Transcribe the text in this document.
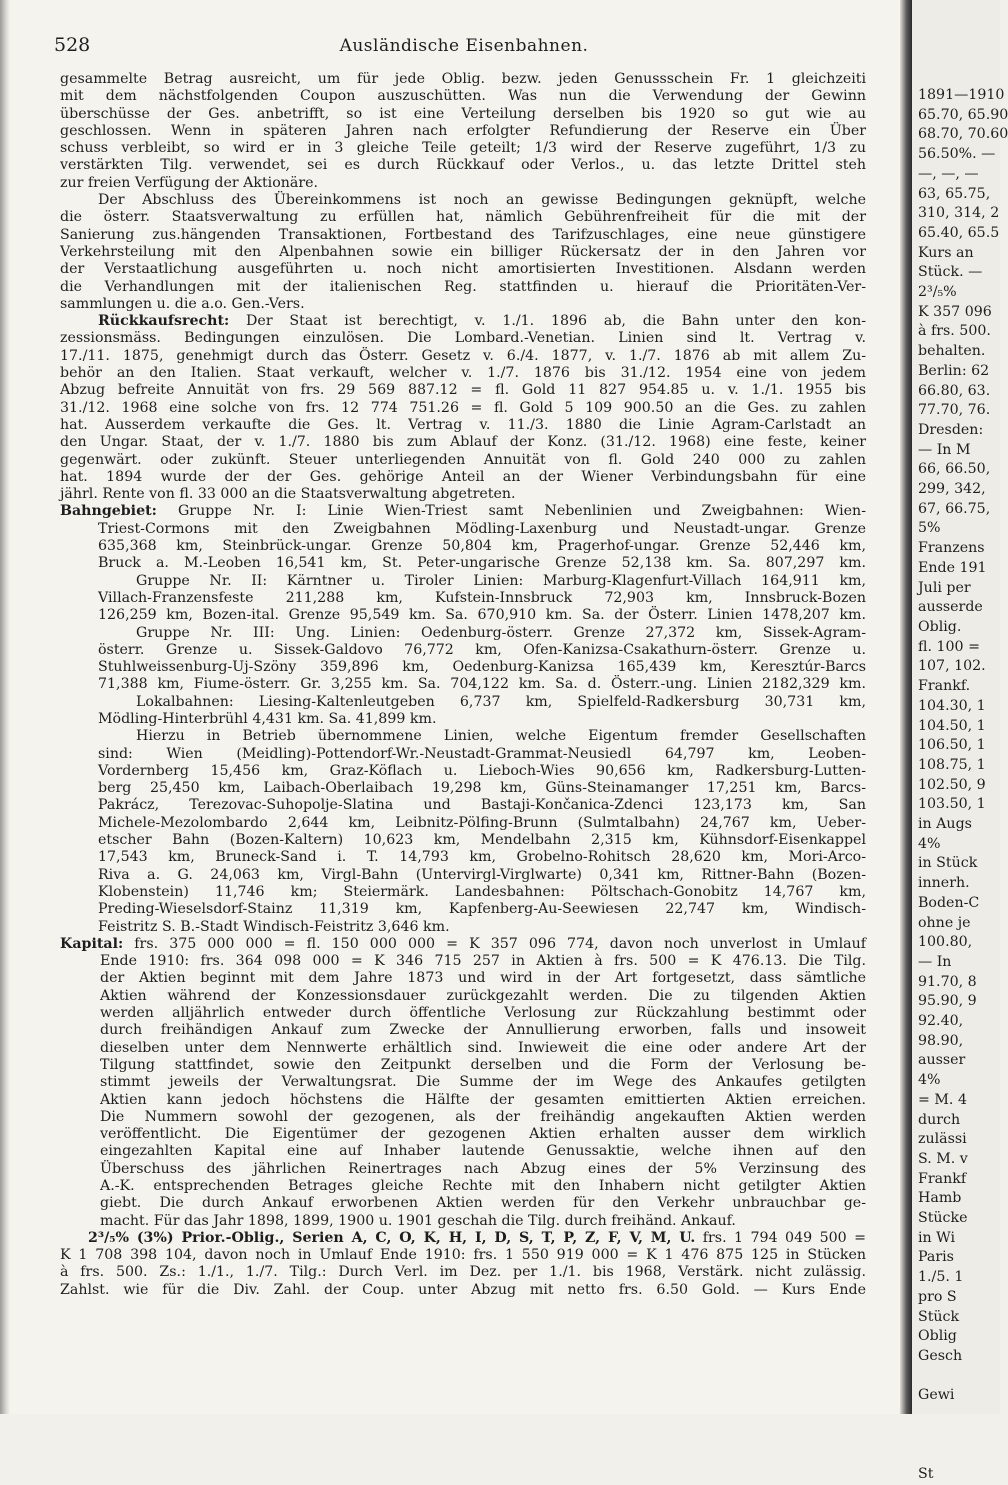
528	Ausländische Eisenbahnen.
gesammelte Betrag ausreicht, um für jede Oblig. bezw. jeden Genussschein Fr. 1 gleichzeiti
mit dem nächstfolgenden Coupon auszuschütten. Was nun die Verwendung der Gewinn
überschüsse der Ges. anbetrifft, so ist eine Verteilung derselben bis 1920 so gut wie au
geschlossen. Wenn in späteren Jahren nach erfolgter Refundierung der Reserve ein Über
schuss verbleibt, so wird er in 3 gleiche Teile geteilt; 1/3 wird der Reserve zugeführt, 1/3 zu
verstärkten Tilg. verwendet, sei es durch Rückkauf oder Verlos., u. das letzte Drittel steh
zur freien Verfügung der Aktionäre.
Der Abschluss des Übereinkommens ist noch an gewisse Bedingungen geknüpft, welche
die österr. Staatsverwaltung zu erfüllen hat, nämlich Gebührenfreiheit für die mit der
Sanierung zus.hängenden Transaktionen, Fortbestand des Tarifzuschlages, eine neue günstigere
Verkehrsteilung mit den Alpenbahnen sowie ein billiger Rückersatz der in den Jahren vor
der Verstaatlichung ausgeführten u. noch nicht amortisierten Investitionen. Alsdann werden
die Verhandlungen mit der italienischen Reg. stattfinden u. hierauf die Prioritäten-Ver-
sammlungen u. die a.o. Gen.-Vers.
Rückkaufsrecht: Der Staat ist berechtigt, v. 1./1. 1896 ab, die Bahn unter den kon-
zessionsmäss. Bedingungen einzulösen. Die Lombard.-Venetian. Linien sind lt. Vertrag v.
17./11. 1875, genehmigt durch das Österr. Gesetz v. 6./4. 1877, v. 1./7. 1876 ab mit allem Zu-
behör an den Italien. Staat verkauft, welcher v. 1./7. 1876 bis 31./12. 1954 eine von jedem
Abzug befreite Annuität von frs. 29 569 887.12 = fl. Gold 11 827 954.85 u. v. 1./1. 1955 bis
31./12. 1968 eine solche von frs. 12 774 751.26 = fl. Gold 5 109 900.50 an die Ges. zu zahlen
hat. Ausserdem verkaufte die Ges. lt. Vertrag v. 11./3. 1880 die Linie Agram-Carlstadt an
den Ungar. Staat, der v. 1./7. 1880 bis zum Ablauf der Konz. (31./12. 1968) eine feste, keiner
gegenwärt. oder zukünft. Steuer unterliegenden Annuität von fl. Gold 240 000 zu zahlen
hat. 1894 wurde der der Ges. gehörige Anteil an der Wiener Verbindungsbahn für eine
jährl. Rente von fl. 33 000 an die Staatsverwaltung abgetreten.
Bahngebiet: Gruppe Nr. I: Linie Wien-Triest samt Nebenlinien und Zweigbahnen: Wien-
Triest-Cormons mit den Zweigbahnen Mödling-Laxenburg und Neustadt-ungar. Grenze
635,368 km, Steinbrück-ungar. Grenze 50,804 km, Pragerhof-ungar. Grenze 52,446 km,
Bruck a. M.-Leoben 16,541 km, St. Peter-ungarische Grenze 52,138 km. Sa. 807,297 km.
Gruppe Nr. II: Kärntner u. Tiroler Linien: Marburg-Klagenfurt-Villach 164,911 km,
Villach-Franzensfeste 211,288 km, Kufstein-Innsbruck 72,903 km, Innsbruck-Bozen
126,259 km, Bozen-ital. Grenze 95,549 km. Sa. 670,910 km. Sa. der Österr. Linien 1478,207 km.
Gruppe Nr. III: Ung. Linien: Oedenburg-österr. Grenze 27,372 km, Sissek-Agram-
österr. Grenze u. Sissek-Galdovo 76,772 km, Ofen-Kanizsa-Csakathurn-österr. Grenze u.
Stuhlweissenburg-Uj-Szöny 359,896 km, Oedenburg-Kanizsa 165,439 km, Keresztúr-Barcs
71,388 km, Fiume-österr. Gr. 3,255 km. Sa. 704,122 km. Sa. d. Österr.-ung. Linien 2182,329 km.
Lokalbahnen: Liesing-Kaltenleutgeben 6,737 km, Spielfeld-Radkersburg 30,731 km,
Mödling-Hinterbrühl 4,431 km. Sa. 41,899 km.
Hierzu in Betrieb übernommene Linien, welche Eigentum fremder Gesellschaften
sind: Wien (Meidling)-Pottendorf-Wr.-Neustadt-Grammat-Neusiedl 64,797 km, Leoben-
Vordernberg 15,456 km, Graz-Köflach u. Lieboch-Wies 90,656 km, Radkersburg-Lutten-
berg 25,450 km, Laibach-Oberlaibach 19,298 km, Güns-Steinamanger 17,251 km, Barcs-
Pakrácz, Terezovac-Suhopolje-Slatina und Bastaji-Končanica-Zdenci 123,173 km, San
Michele-Mezolombardo 2,644 km, Leibnitz-Pölfing-Brunn (Sulmtalbahn) 24,767 km, Ueber-
etscher Bahn (Bozen-Kaltern) 10,623 km, Mendelbahn 2,315 km, Kühnsdorf-Eisenkappel
17,543 km, Bruneck-Sand i. T. 14,793 km, Grobelno-Rohitsch 28,620 km, Mori-Arco-
Riva a. G. 24,063 km, Virgl-Bahn (Untervirgl-Virglwarte) 0,341 km, Rittner-Bahn (Bozen-
Klobenstein) 11,746 km; Steiermärk. Landesbahnen: Pöltschach-Gonobitz 14,767 km,
Preding-Wieselsdorf-Stainz 11,319 km, Kapfenberg-Au-Seewiesen 22,747 km, Windisch-
Feistritz S. B.-Stadt Windisch-Feistritz 3,646 km.
Kapital: frs. 375 000 000 = fl. 150 000 000 = K 357 096 774, davon noch unverlost in Umlauf
Ende 1910: frs. 364 098 000 = K 346 715 257 in Aktien à frs. 500 = K 476.13. Die Tilg.
der Aktien beginnt mit dem Jahre 1873 und wird in der Art fortgesetzt, dass sämtliche
Aktien während der Konzessionsdauer zurückgezahlt werden. Die zu tilgenden Aktien
werden alljährlich entweder durch öffentliche Verlosung zur Rückzahlung bestimmt oder
durch freihändigen Ankauf zum Zwecke der Annullierung erworben, falls und insoweit
dieselben unter dem Nennwerte erhältlich sind. Inwieweit die eine oder andere Art der
Tilgung stattfindet, sowie den Zeitpunkt derselben und die Form der Verlosung be-
stimmt jeweils der Verwaltungsrat. Die Summe der im Wege des Ankaufes getilgten
Aktien kann jedoch höchstens die Hälfte der gesamten emittierten Aktien erreichen.
Die Nummern sowohl der gezogenen, als der freihändig angekauften Aktien werden
veröffentlicht. Die Eigentümer der gezogenen Aktien erhalten ausser dem wirklich
eingezahlten Kapital eine auf Inhaber lautende Genussaktie, welche ihnen auf den
Überschuss des jährlichen Reinertrages nach Abzug eines der 5% Verzinsung des
A.-K. entsprechenden Betrages gleiche Rechte mit den Inhabern nicht getilgter Aktien
giebt. Die durch Ankauf erworbenen Aktien werden für den Verkehr unbrauchbar ge-
macht. Für das Jahr 1898, 1899, 1900 u. 1901 geschah die Tilg. durch freihänd. Ankauf.
2³/₅% (3%) Prior.-Oblig., Serien A, C, O, K, H, I, D, S, T, P, Z, F, V, M, U. frs. 1 794 049 500 =
K 1 708 398 104, davon noch in Umlauf Ende 1910: frs. 1 550 919 000 = K 1 476 875 125 in Stücken
à frs. 500. Zs.: 1./1., 1./7. Tilg.: Durch Verl. im Dez. per 1./1. bis 1968, Verstärk. nicht zulässig.
Zahlst. wie für die Div. Zahl. der Coup. unter Abzug mit netto frs. 6.50 Gold. — Kurs Ende
1891—1910
65.70, 65.90
68.70, 70.60
56.50%. —
—, —, —
63, 65.75,
310, 314, 2
65.40, 65.5
Kurs an
Stück. —
2³/₅%
K 357 096
à frs. 500.
behalten.
Berlin: 62
66.80, 63.
77.70, 76.
Dresden:
— In M
66, 66.50,
299, 342,
67, 66.75,
5%
Franzens
Ende 191
Juli per
ausserde
Oblig.
fl. 100 =
107, 102.
Frankf.
104.30, 1
104.50, 1
106.50, 1
108.75, 1
102.50, 9
103.50, 1
in Augs
4%
in Stück
innerh.
Boden-C
ohne je
100.80,
— In
91.70, 8
95.90, 9
92.40,
98.90,
ausser
4%
= M. 4
durch
zulässi
S. M. v
Frankf
Hamb
Stücke
in Wi
Paris
1./5. 1
pro S
Stück
Oblig
Gesch

Gewi

St
